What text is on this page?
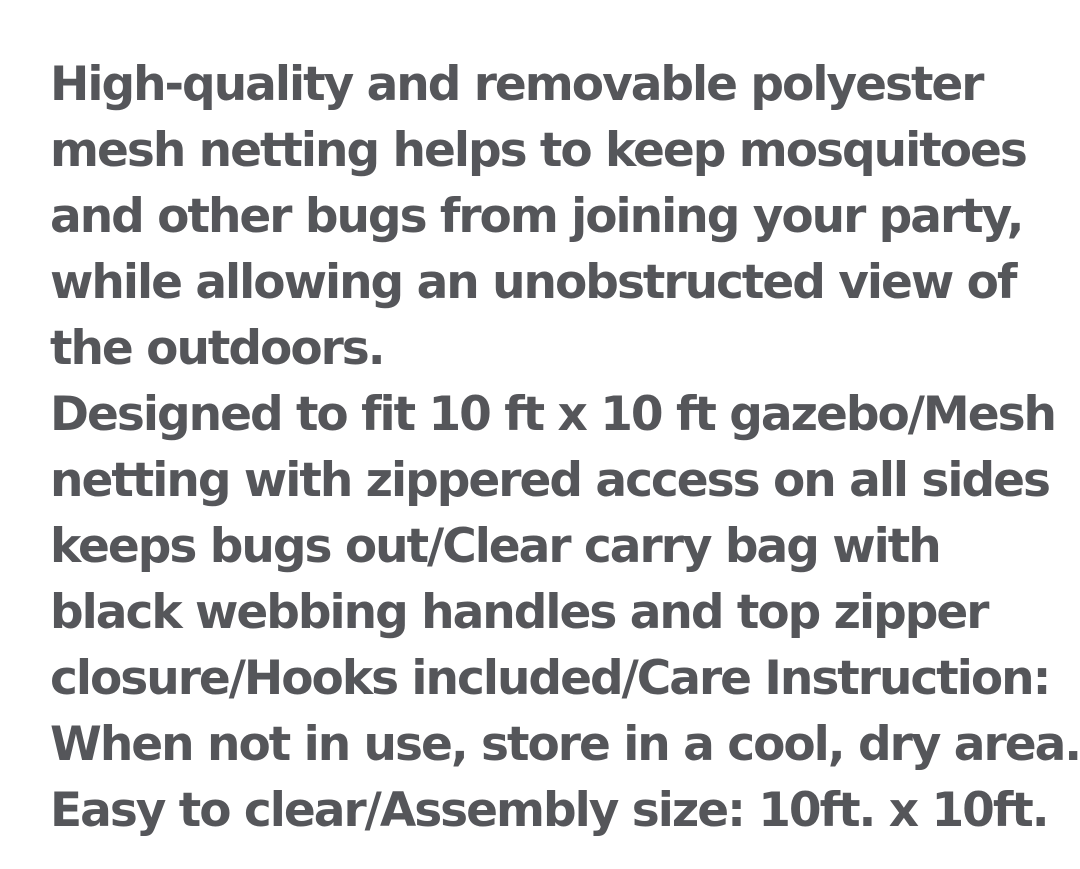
High-quality and removable polyester
mesh netting helps to keep mosquitoes
and other bugs from joining your party,
while allowing an unobstructed view of
the outdoors.
Designed to fit 10 ft x 10 ft gazebo/Mesh
netting with zippered access on all sides
keeps bugs out/Clear carry bag with
black webbing handles and top zipper
closure/Hooks included/Care Instruction:
When not in use, store in a cool, dry area.
Easy to clear/Assembly size: 10ft. x 10ft.
